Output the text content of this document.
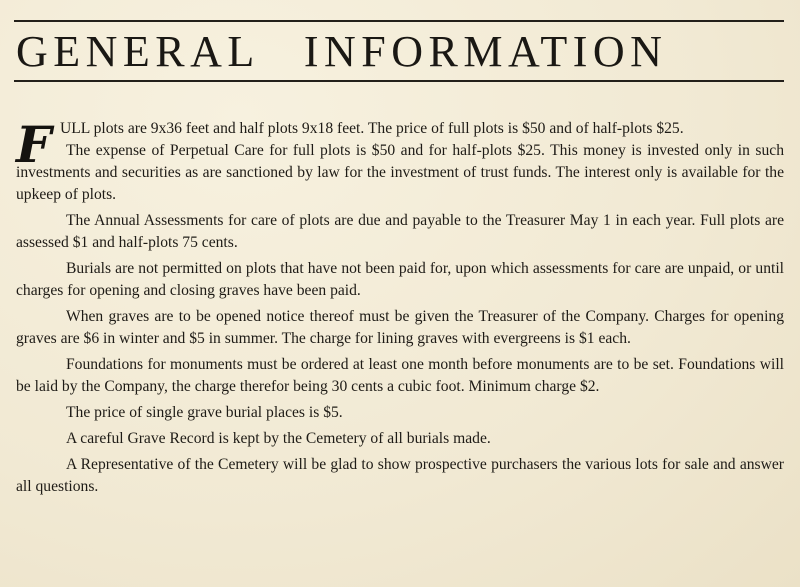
GENERAL INFORMATION

F ULL plots are 9x36 feet and half plots 9x18 feet. The price of full plots is $50 and of half-plots $25.

The expense of Perpetual Care for full plots is $50 and for half-plots $25. This money is invested only in such investments and securities as are sanctioned by law for the investment of trust funds. The interest only is available for the upkeep of plots.

The Annual Assessments for care of plots are due and payable to the Treasurer May 1 in each year. Full plots are assessed $1 and half-plots 75 cents.

Burials are not permitted on plots that have not been paid for, upon which assessments for care are unpaid, or until charges for opening and closing graves have been paid.

When graves are to be opened notice thereof must be given the Treasurer of the Company. Charges for opening graves are $6 in winter and $5 in summer. The charge for lining graves with evergreens is $1 each.

Foundations for monuments must be ordered at least one month before monuments are to be set. Foundations will be laid by the Company, the charge therefor being 30 cents a cubic foot. Minimum charge $2.

The price of single grave burial places is $5.

A careful Grave Record is kept by the Cemetery of all burials made.

A Representative of the Cemetery will be glad to show prospective purchasers the various lots for sale and answer all questions.
